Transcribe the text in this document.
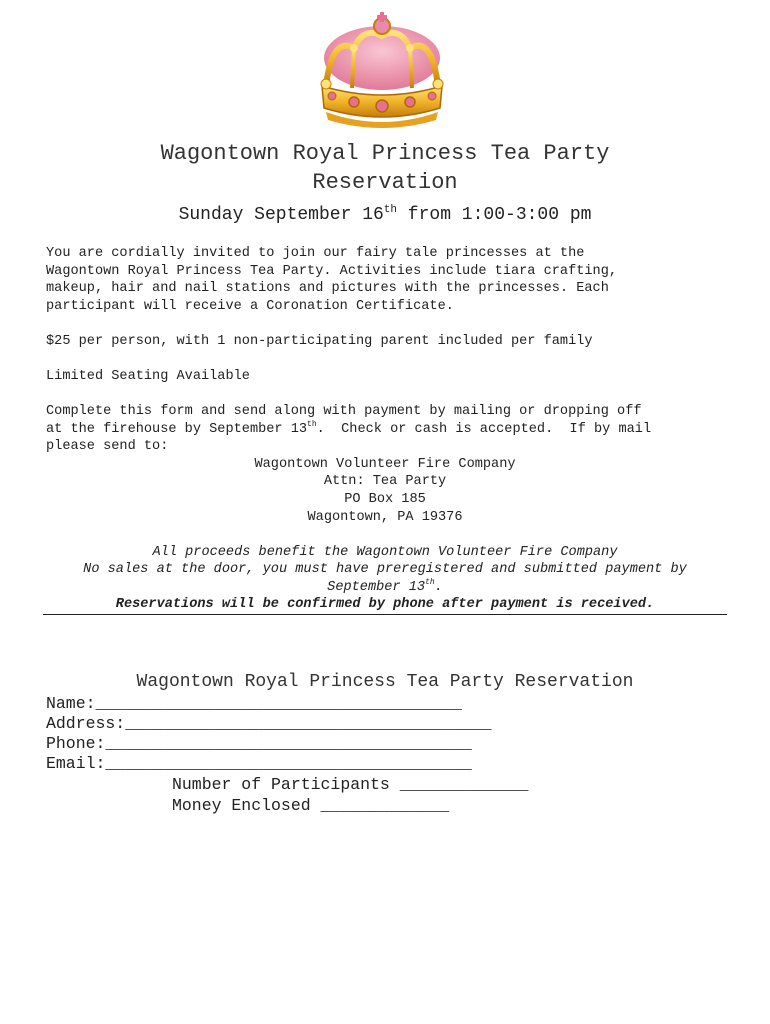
Wagontown Royal Princess Tea Party
Reservation
Sunday September 16th from 1:00-3:00 pm
You are cordially invited to join our fairy tale princesses at the
Wagontown Royal Princess Tea Party. Activities include tiara crafting,
makeup, hair and nail stations and pictures with the princesses. Each
participant will receive a Coronation Certificate.
$25 per person, with 1 non-participating parent included per family
Limited Seating Available
Complete this form and send along with payment by mailing or dropping off
at the firehouse by September 13th.  Check or cash is accepted.  If by mail
please send to:
Wagontown Volunteer Fire Company
Attn: Tea Party
PO Box 185
Wagontown, PA 19376
All proceeds benefit the Wagontown Volunteer Fire Company
No sales at the door, you must have preregistered and submitted payment by
September 13th.
Reservations will be confirmed by phone after payment is received.
Wagontown Royal Princess Tea Party Reservation
Name:_____________________________________
Address:_____________________________________
Phone:_____________________________________
Email:_____________________________________
Number of Participants _____________
Money Enclosed _____________
